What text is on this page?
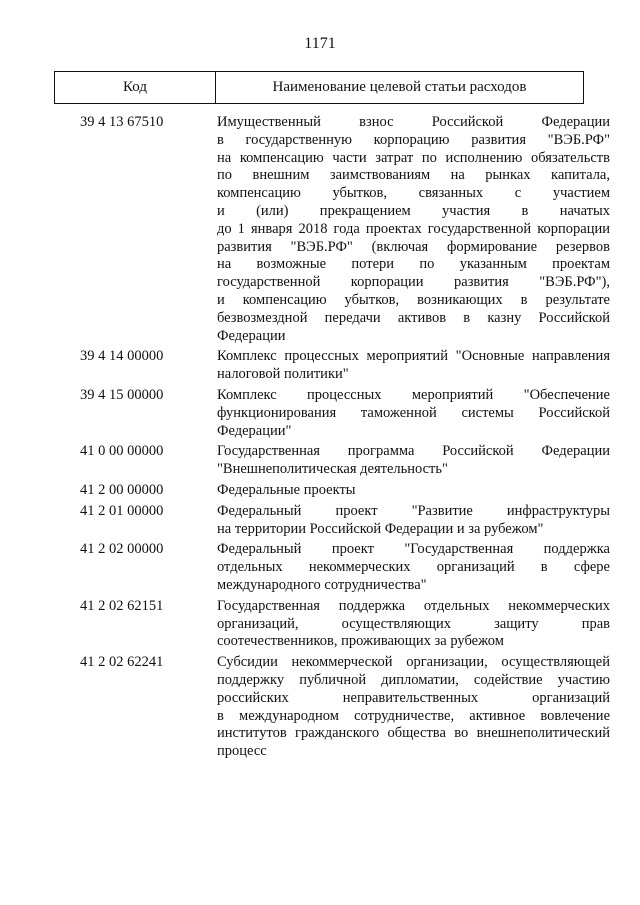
1171
Код	Наименование целевой статьи расходов
39 4 13 67510	Имущественный взнос Российской Федерации
в государственную корпорацию развития "ВЭБ.РФ"
на компенсацию части затрат по исполнению обязательств
по внешним заимствованиям на рынках капитала,
компенсацию убытков, связанных с участием
и (или) прекращением участия в начатых
до 1 января 2018 года проектах государственной корпорации
развития "ВЭБ.РФ" (включая формирование резервов
на возможные потери по указанным проектам
государственной корпорации развития "ВЭБ.РФ"),
и компенсацию убытков, возникающих в результате
безвозмездной передачи активов в казну Российской
Федерации
39 4 14 00000	Комплекс процессных мероприятий "Основные направления
налоговой политики"
39 4 15 00000	Комплекс процессных мероприятий "Обеспечение
функционирования таможенной системы Российской
Федерации"
41 0 00 00000	Государственная программа Российской Федерации
"Внешнеполитическая деятельность"
41 2 00 00000	Федеральные проекты
41 2 01 00000	Федеральный проект "Развитие инфраструктуры
на территории Российской Федерации и за рубежом"
41 2 02 00000	Федеральный проект "Государственная поддержка
отдельных некоммерческих организаций в сфере
международного сотрудничества"
41 2 02 62151	Государственная поддержка отдельных некоммерческих
организаций, осуществляющих защиту прав
соотечественников, проживающих за рубежом
41 2 02 62241	Субсидии некоммерческой организации, осуществляющей
поддержку публичной дипломатии, содействие участию
российских неправительственных организаций
в международном сотрудничестве, активное вовлечение
институтов гражданского общества во внешнеполитический
процесс
